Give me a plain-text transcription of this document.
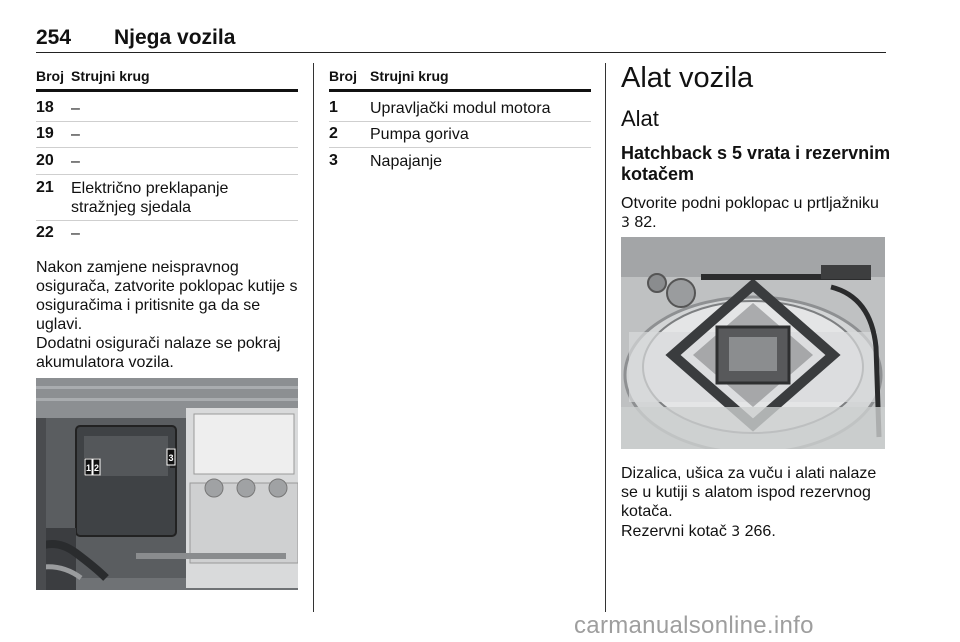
254 Njega vozila
Broj Strujni krug
18 –
19 –
20 –
21 Električno preklapanje stražnjeg sjedala
22 –
Nakon zamjene neispravnog osigurača, zatvorite poklopac kutije s osiguračima i pritisnite ga da se uglavi.
Dodatni osigurači nalaze se pokraj akumulatora vozila.
1 2
3
Broj Strujni krug
1 Upravljački modul motora
2 Pumpa goriva
3 Napajanje
Alat vozila
Alat
Hatchback s 5 vrata i rezervnim kotačem
Otvorite podni poklopac u prtljažniku
3 82.
Dizalica, ušica za vuču i alati nalaze se u kutiji s alatom ispod rezervnog kotača.
Rezervni kotač 3 266.
carmanualsonline.info
